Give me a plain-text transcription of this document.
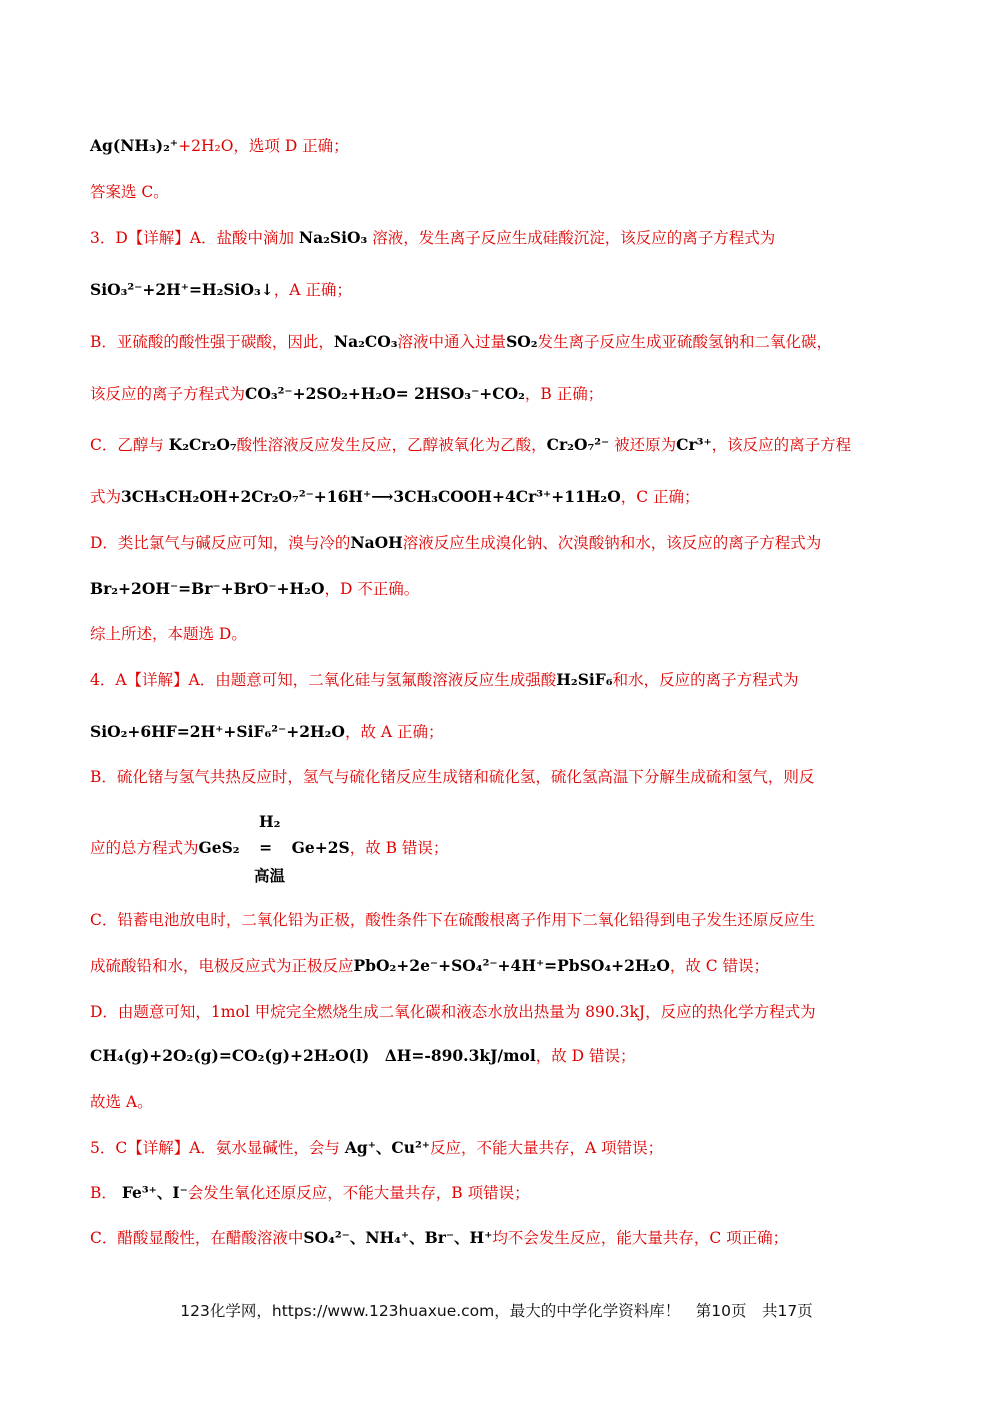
Ag(NH₃)₂⁺+2H₂O，选项 D 正确；
答案选 C。
3．D【详解】A．盐酸中滴加 Na₂SiO₃ 溶液，发生离子反应生成硅酸沉淀，该反应的离子方程式为
SiO₃²⁻+2H⁺=H₂SiO₃↓，A 正确；
B．亚硫酸的酸性强于碳酸，因此，Na₂CO₃溶液中通入过量SO₂发生离子反应生成亚硫酸氢钠和二氧化碳，
该反应的离子方程式为CO₃²⁻+2SO₂+H₂O= 2HSO₃⁻+CO₂，B 正确；
C．乙醇与 K₂Cr₂O₇酸性溶液反应发生反应，乙醇被氧化为乙酸，Cr₂O₇²⁻ 被还原为Cr³⁺，该反应的离子方程
式为3CH₃CH₂OH+2Cr₂O₇²⁻+16H⁺⟶3CH₃COOH+4Cr³⁺+11H₂O，C 正确；
D．类比氯气与碱反应可知，溴与冷的NaOH溶液反应生成溴化钠、次溴酸钠和水，该反应的离子方程式为
Br₂+2OH⁻=Br⁻+BrO⁻+H₂O，D 不正确。
综上所述，本题选 D。
4．A【详解】A．由题意可知，二氧化硅与氢氟酸溶液反应生成强酸H₂SiF₆和水，反应的离子方程式为
SiO₂+6HF=2H⁺+SiF₆²⁻+2H₂O，故 A 正确；
B．硫化锗与氢气共热反应时，氢气与硫化锗反应生成锗和硫化氢，硫化氢高温下分解生成硫和氢气，则反
应的总方程式为GeS₂ = Ge+2S，故 B 错误；
H₂
高温
C．铅蓄电池放电时，二氧化铅为正极，酸性条件下在硫酸根离子作用下二氧化铅得到电子发生还原反应生
成硫酸铅和水，电极反应式为正极反应PbO₂+2e⁻+SO₄²⁻+4H⁺=PbSO₄+2H₂O，故 C 错误；
D．由题意可知，1mol 甲烷完全燃烧生成二氧化碳和液态水放出热量为 890.3kJ，反应的热化学方程式为
CH₄(g)+2O₂(g)=CO₂(g)+2H₂O(l)　ΔH=-890.3kJ/mol，故 D 错误；
故选 A。
5．C【详解】A．氨水显碱性，会与 Ag⁺、Cu²⁺反应，不能大量共存，A 项错误；
B． Fe³⁺、I⁻会发生氧化还原反应，不能大量共存，B 项错误；
C．醋酸显酸性，在醋酸溶液中SO₄²⁻、NH₄⁺、Br⁻、H⁺均不会发生反应，能大量共存，C 项正确；
123化学网，https://www.123huaxue.com，最大的中学化学资料库！　第10页　共17页
